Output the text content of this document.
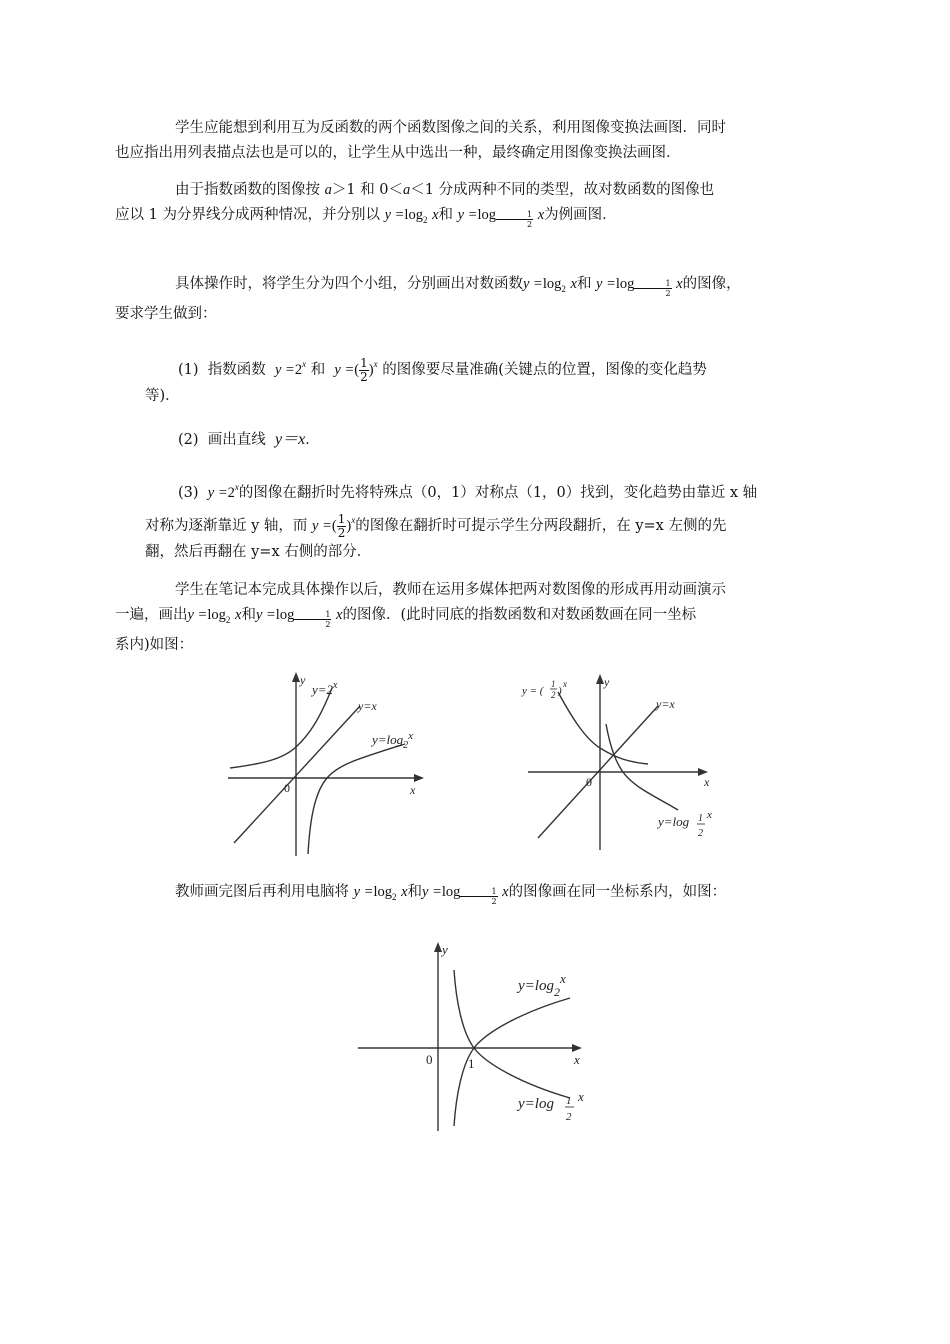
学生应能想到利用互为反函数的两个函数图像之间的关系，利用图像变换法画图．同时
也应指出用列表描点法也是可以的，让学生从中选出一种，最终确定用图像变换法画图．

由于指数函数的图像按 a＞1 和 0＜a＜1 分成两种不同的类型，故对数函数的图像也
应以 1 为分界线分成两种情况，并分别以 $y =\log_2$ x和 $y =\log \frac{1}{2}$ x为例画图．

具体操作时，将学生分为四个小组，分别画出对数函数$y =\log_2$ x和 $y =\log \frac{1}{2}$ x的图像，
要求学生做到：

(1) 指数函数 $y =2^x$ 和 y =( $\frac{1}{2} )^x$ 的图像要尽量准确(关键点的位置，图像的变化趋势

等)．

(2) 画出直线 y＝x．

(3) $y =2^x$的图像在翻折时先将特殊点（0，1）对称点（1，0）找到，变化趋势由靠近 x 轴

对称为逐渐靠近 y 轴，而 y =( $\frac{1}{2} )^x$的图像在翻折时可提示学生分两段翻折，在 y=x 左侧的先

翻，然后再翻在 y=x 右侧的部分．

学生在笔记本完成具体操作以后，教师在运用多媒体把两对数图像的形成再用动画演示
一遍，画出$y =\log_2$ x和$y =\log \frac{1}{2}$ x的图像．(此时同底的指数函数和对数函数画在同一坐标
系内)如图：

y
x
0
$y=2^x$
y=x
$y=\log_2^x$
y
x
0
y = (
1
2 )
x
y=x
y=log 1
2
x

教师画完图后再利用电脑将 $y =\log_2$ x和$y =\log \frac{1}{2}$ x的图像画在同一坐标系内，如图：

y
x
0	1
$y=\log_2x$
y=log 1
2
x
